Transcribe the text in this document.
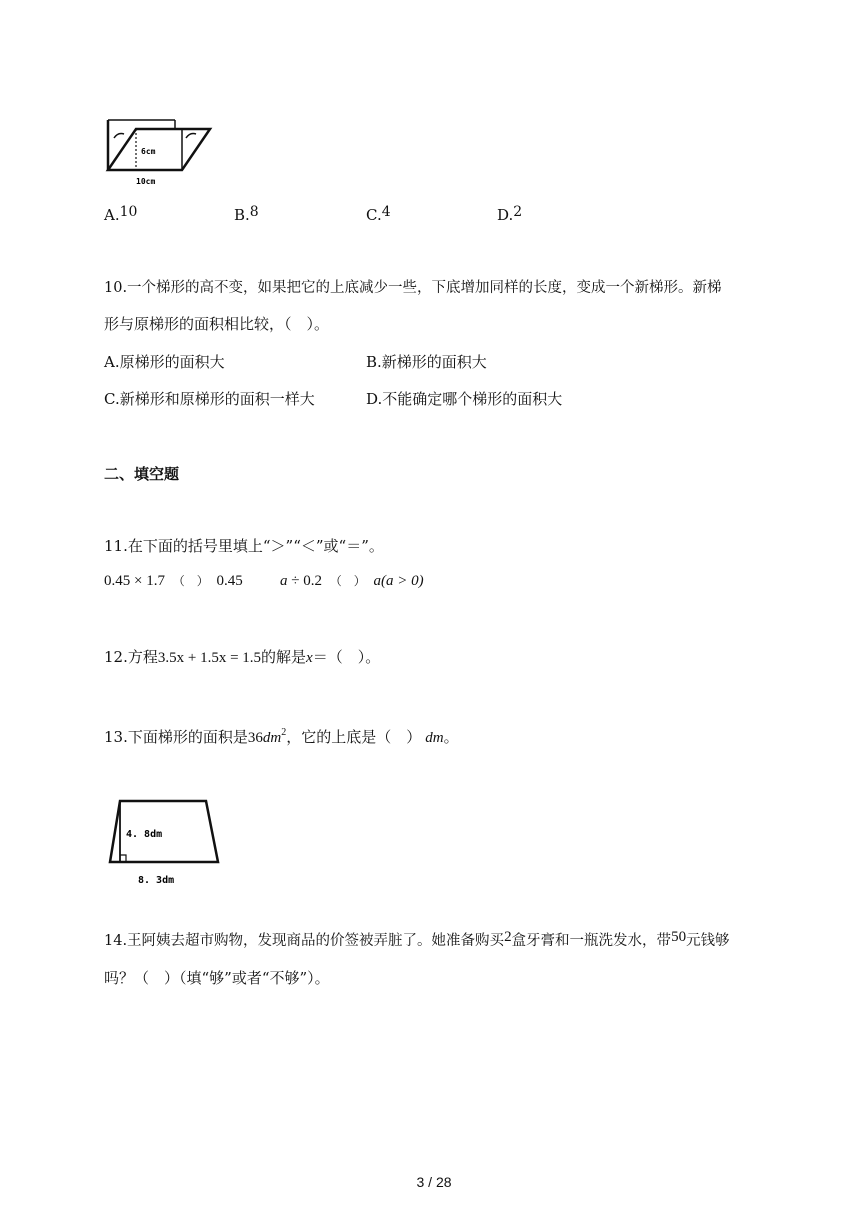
6cm
10cm
A.10	B.8	C.4	D.2
10.一个梯形的高不变，如果把它的上底减少一些，下底增加同样的长度，变成一个新梯形。新梯
形与原梯形的面积相比较，（　）。
A.原梯形的面积大	B.新梯形的面积大
C.新梯形和原梯形的面积一样大	D.不能确定哪个梯形的面积大
二、填空题
11.在下面的括号里填上“＞”“＜”或“＝”。
0.45 × 1.7 （　） 0.45 a ÷ 0.2 （　） a(a > 0)
12.方程3.5x + 1.5x = 1.5的解是x＝（　）。
13.下面梯形的面积是$36dm^2$，它的上底是（　） dm。
4. 8dm
8. 3dm
14.王阿姨去超市购物，发现商品的价签被弄脏了。她准备购买2盒牙膏和一瓶洗发水，带50元钱够
吗？（　）（填“够”或者“不够”）。
3 / 28
